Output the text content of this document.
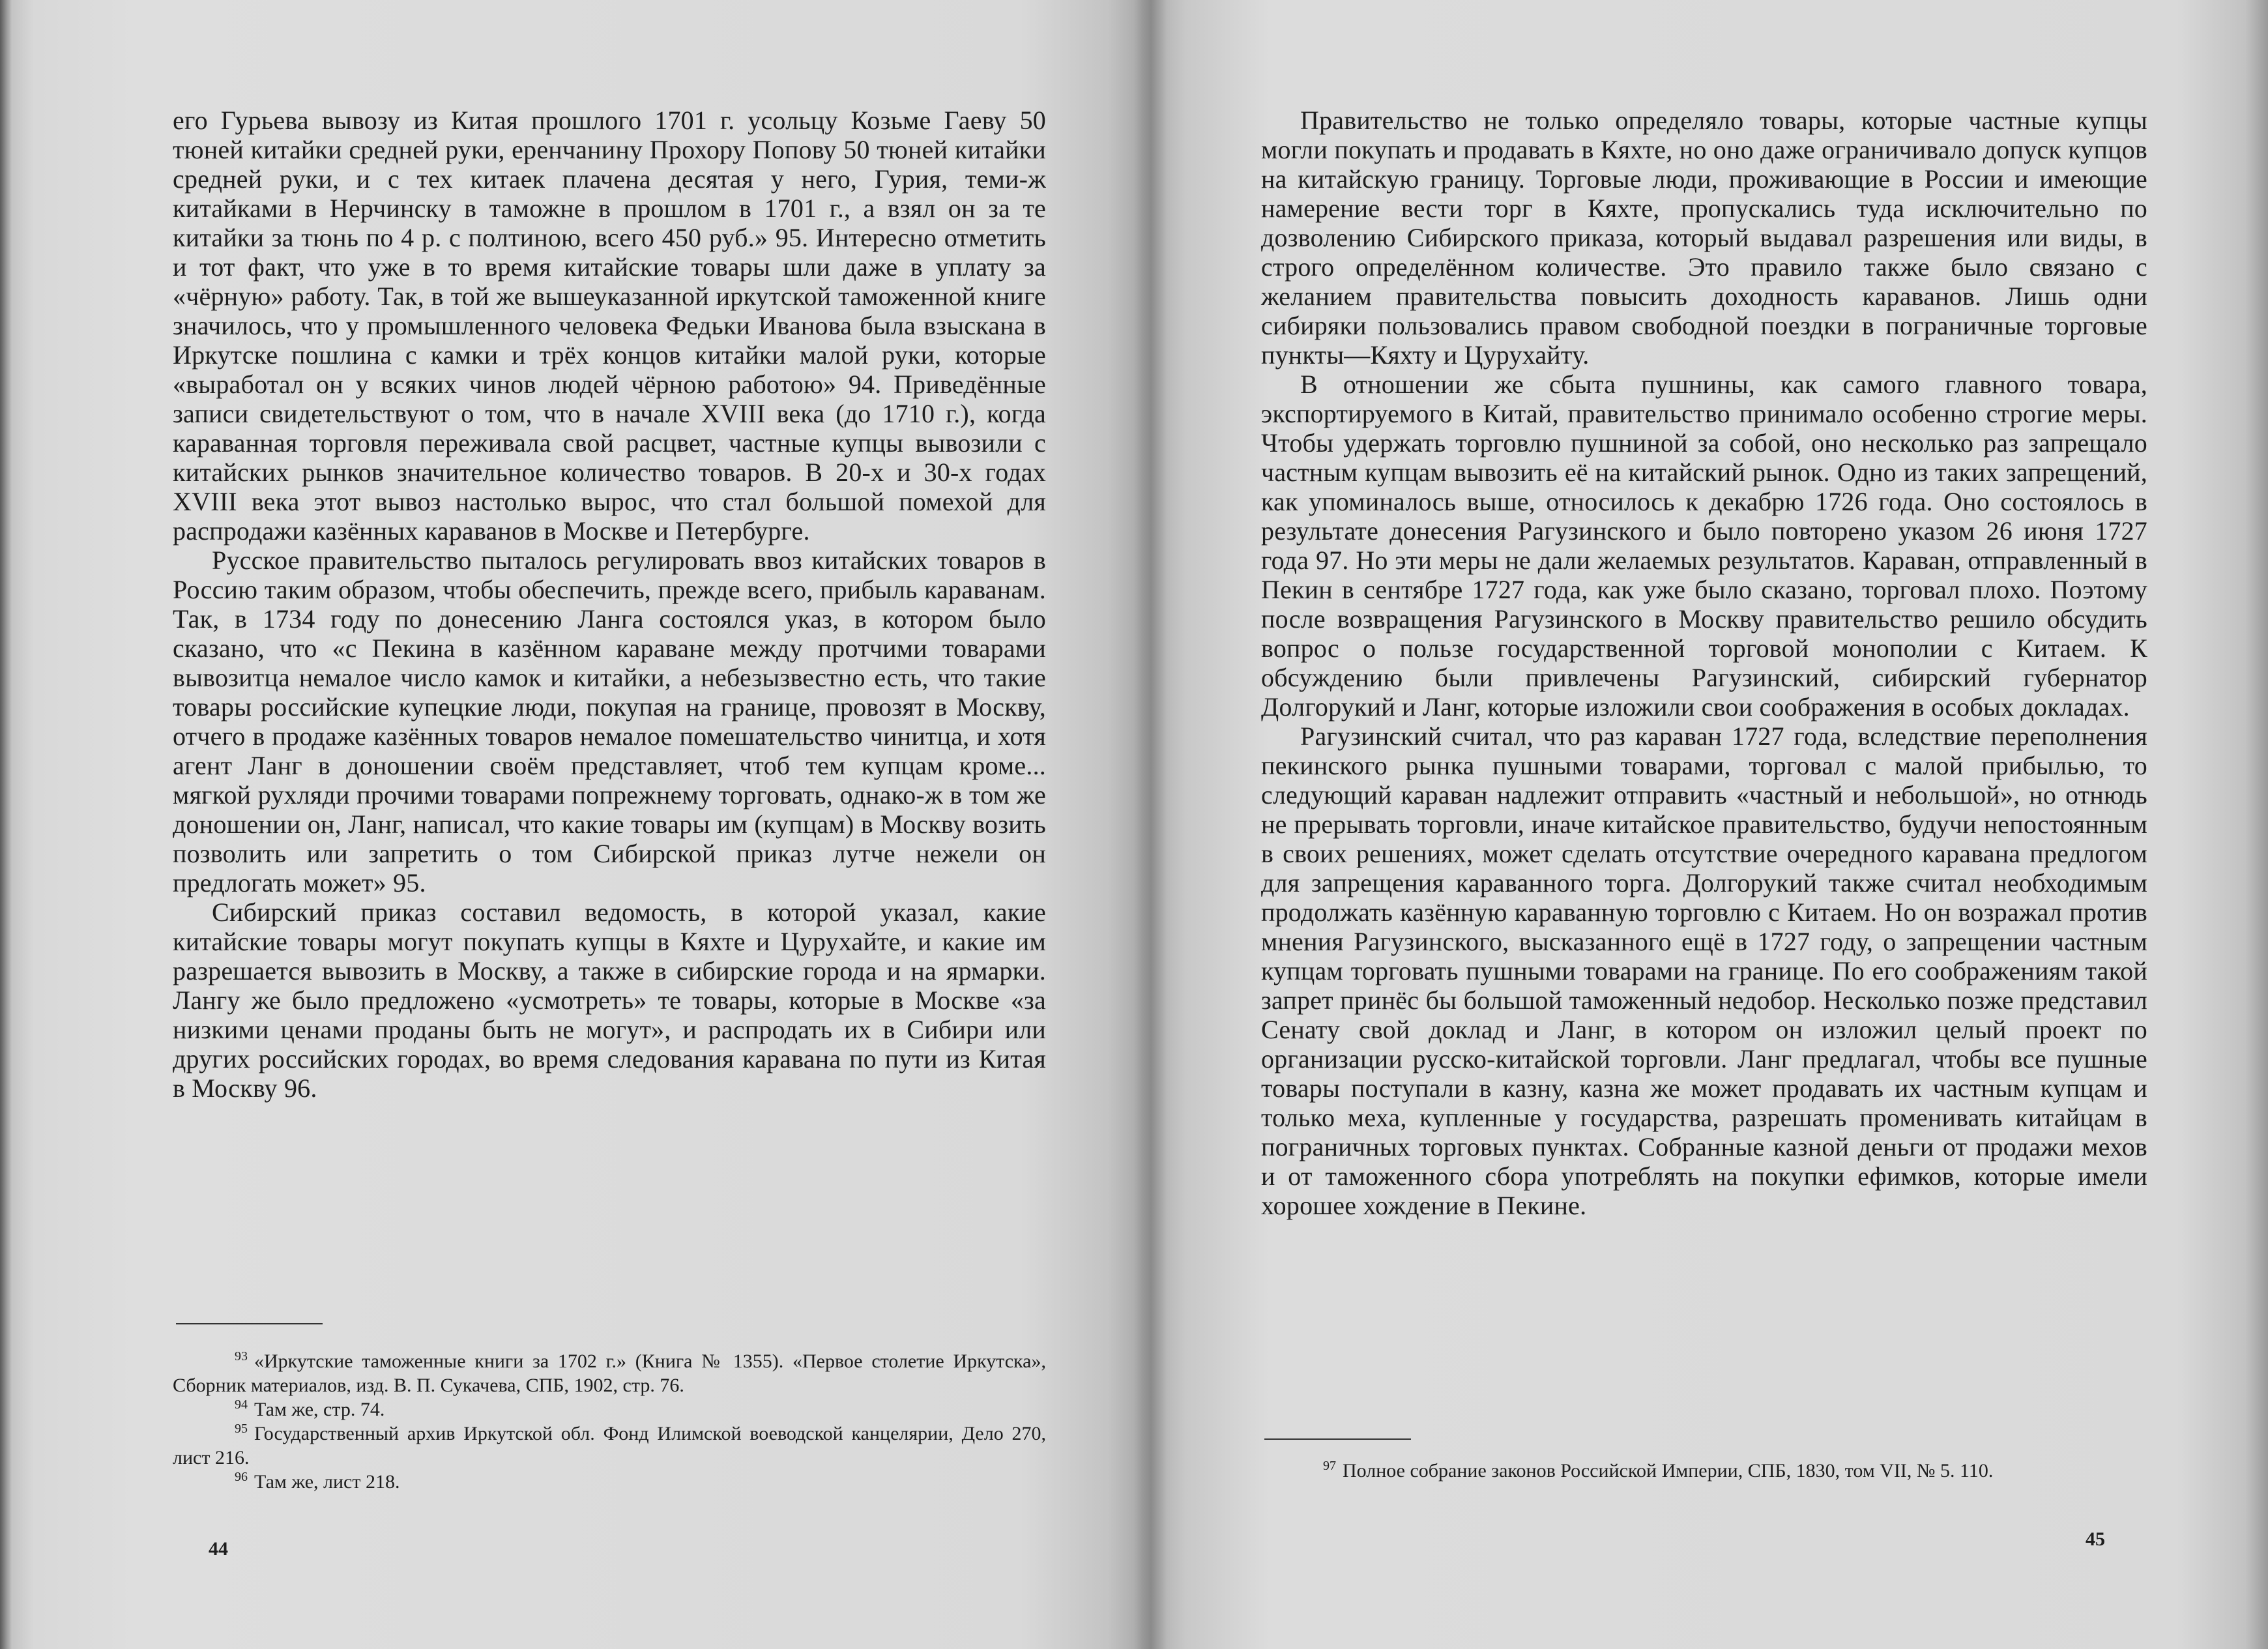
его Гурьева вывозу из Китая прошлого 1701 г. усольцу Козьме Гаеву 50 тюней китайки средней руки, еренчанину Прохору Попову 50 тюней китайки средней руки, и с тех китаек плачена десятая у него, Гурия, теми-ж китайками в Нерчинску в таможне в прошлом в 1701 г., а взял он за те китайки за тюнь по 4 р. с полтиною, всего 450 руб.» 95. Интересно отметить и тот факт, что уже в то время китайские товары шли даже в уплату за «чёрную» работу. Так, в той же вышеуказанной иркутской таможенной книге значилось, что у промышленного человека Федьки Иванова была взыскана в Иркутске пошлина с камки и трёх концов китайки малой руки, которые «выработал он у всяких чинов людей чёрною работою» 94. Приведённые записи свидетельствуют о том, что в начале XVIII века (до 1710 г.), когда караванная торговля переживала свой расцвет, частные купцы вывозили с китайских рынков значительное количество товаров. В 20-х и 30-х годах XVIII века этот вывоз настолько вырос, что стал большой помехой для распродажи казённых караванов в Москве и Петербурге.

Русское правительство пыталось регулировать ввоз китайских товаров в Россию таким образом, чтобы обеспечить, прежде всего, прибыль караванам. Так, в 1734 году по донесению Ланга состоялся указ, в котором было сказано, что «с Пекина в казённом караване между протчими товарами вывозитца немалое число камок и китайки, а небезызвестно есть, что такие товары российские купецкие люди, покупая на границе, провозят в Москву, отчего в продаже казённых товаров немалое помешательство чинитца, и хотя агент Ланг в доношении своём представляет, чтоб тем купцам кроме... мягкой рухляди прочими товарами попрежнему торговать, однако-ж в том же доношении он, Ланг, написал, что какие товары им (купцам) в Москву возить позволить или запретить о том Сибирской приказ лутче нежели он предлогать может» 95.

Сибирский приказ составил ведомость, в которой указал, какие китайские товары могут покупать купцы в Кяхте и Цурухайте, и какие им разрешается вывозить в Москву, а также в сибирские города и на ярмарки. Лангу же было предложено «усмотреть» те товары, которые в Москве «за низкими ценами проданы быть не могут», и распродать их в Сибири или других российских городах, во время следования каравана по пути из Китая в Москву 96.

$^{93}$ «Иркутские таможенные книги за 1702 г.» (Книга № 1355). «Первое столетие Иркутска», Сборник материалов, изд. В. П. Сукачева, СПБ, 1902, стр. 76.

$^{94}$ Там же, стр. 74.

$^{95}$ Государственный архив Иркутской обл. Фонд Илимской воеводской канцелярии, Дело 270, лист 216.

$^{96}$ Там же, лист 218.

44

Правительство не только определяло товары, которые частные купцы могли покупать и продавать в Кяхте, но оно даже ограничивало допуск купцов на китайскую границу. Торговые люди, проживающие в России и имеющие намерение вести торг в Кяхте, пропускались туда исключительно по дозволению Сибирского приказа, который выдавал разрешения или виды, в строго определённом количестве. Это правило также было связано с желанием правительства повысить доходность караванов. Лишь одни сибиряки пользовались правом свободной поездки в пограничные торговые пункты—Кяхту и Цурухайту.

В отношении же сбыта пушнины, как самого главного товара, экспортируемого в Китай, правительство принимало особенно строгие меры. Чтобы удержать торговлю пушниной за собой, оно несколько раз запрещало частным купцам вывозить её на китайский рынок. Одно из таких запрещений, как упоминалось выше, относилось к декабрю 1726 года. Оно состоялось в результате донесения Рагузинского и было повторено указом 26 июня 1727 года 97. Но эти меры не дали желаемых результатов. Караван, отправленный в Пекин в сентябре 1727 года, как уже было сказано, торговал плохо. Поэтому после возвращения Рагузинского в Москву правительство решило обсудить вопрос о пользе государственной торговой монополии с Китаем. К обсуждению были привлечены Рагузинский, сибирский губернатор Долгорукий и Ланг, которые изложили свои соображения в особых докладах.

Рагузинский считал, что раз караван 1727 года, вследствие переполнения пекинского рынка пушными товарами, торговал с малой прибылью, то следующий караван надлежит отправить «частный и небольшой», но отнюдь не прерывать торговли, иначе китайское правительство, будучи непостоянным в своих решениях, может сделать отсутствие очередного каравана предлогом для запрещения караванного торга. Долгорукий также считал необходимым продолжать казённую караванную торговлю с Китаем. Но он возражал против мнения Рагузинского, высказанного ещё в 1727 году, о запрещении частным купцам торговать пушными товарами на границе. По его соображениям такой запрет принёс бы большой таможенный недобор. Несколько позже представил Сенату свой доклад и Ланг, в котором он изложил целый проект по организации русско-китайской торговли. Ланг предлагал, чтобы все пушные товары поступали в казну, казна же может продавать их частным купцам и только меха, купленные у государства, разрешать променивать китайцам в пограничных торговых пунктах. Собранные казной деньги от продажи мехов и от таможенного сбора употреблять на покупки ефимков, которые имели хорошее хождение в Пекине.

$^{97}$ Полное собрание законов Российской Империи, СПБ, 1830, том VII, № 5. 110.

45
